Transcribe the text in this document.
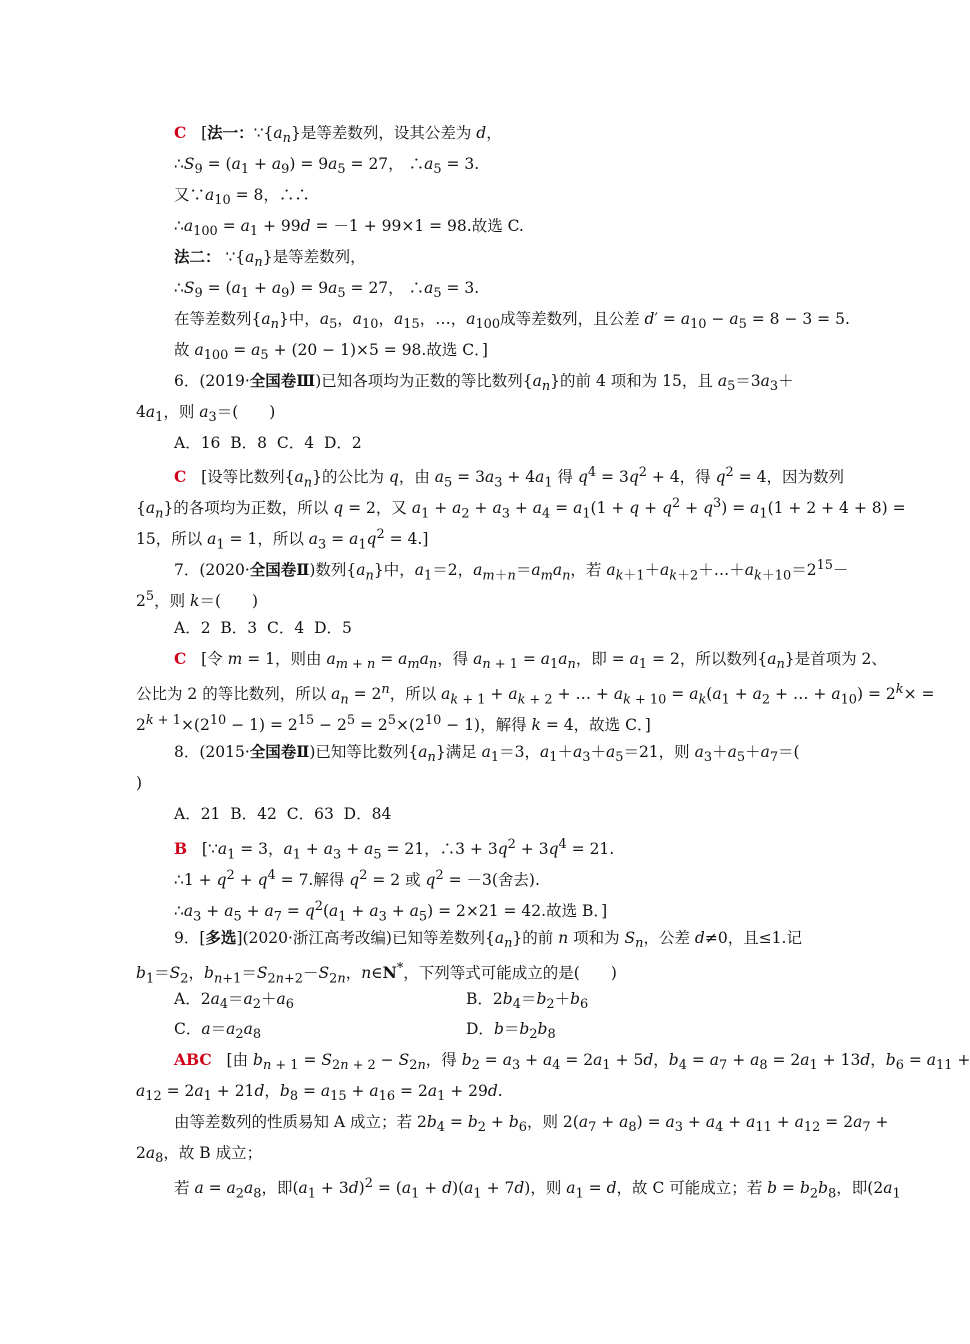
C   [法一：$\because\{a_n\}$是等差数列，设其公差为 d，
$\therefore S_9 = (a_1 + a_9) = 9a_5 = 27$， $\therefore a_5 = 3$.
又$\because a_{10} = 8$，∴∴
$\therefore a_{100} = a_1 + 99d = -1 + 99\times 1 = 98$.故选 C.
法二： $\because\{a_n\}$是等差数列，
$\therefore S_9 = (a_1 + a_9) = 9a_5 = 27$， $\therefore a_5 = 3$.
在等差数列$\{a_n\}$中，$a_5$，$a_{10}$，$a_{15}$，…，$a_{100}$成等差数列，且公差 $d' = a_{10} - a_5 = 8 - 3 = 5$.
故 $a_{100} = a_5 + (20 - 1)\times 5 = 98$.故选 C．]
6．(2019·全国卷Ⅲ)已知各项均为正数的等比数列$\{a_n\}$的前 4 项和为 15，且 $a_5=3a_3+$
$4a_1$，则 $a_3=$(　　)
A．16  B．8  C．4  D．2
C   [设等比数列$\{a_n\}$的公比为 q，由 $a_5 = 3a_3 + 4a_1$ 得 $q^4 = 3q^2 + 4$，得 $q^2 = 4$，因为数列
$\{a_n\}$的各项均为正数，所以 q = 2，又 $a_1 + a_2 + a_3 + a_4 = a_1(1 + q + q^2 + q^3) = a_1(1 + 2 + 4 + 8)$ =
15，所以 $a_1 = 1$，所以 $a_3 = a_1q^2 = 4$.]
7．(2020·全国卷Ⅱ)数列$\{a_n\}$中，$a_1=2$，$a_{m+n}=a_ma_n$，若 $a_{k+1}+a_{k+2}+\dots+a_{k+10}=2^{15}-$
$2^5$，则 k＝(　　)
A．2  B．3  C．4  D．5
C   [令 m = 1，则由 $a_{m + n} = a_ma_n$，得 $a_{n + 1} = a_1a_n$，即 = $a_1 = 2$，所以数列$\{a_n\}$是首项为 2、
公比为 2 的等比数列，所以 $a_n = 2^n$，所以 $a_{k + 1} + a_{k + 2}$ + … + $a_{k + 10} = a_k(a_1 + a_2$ + … + $a_{10}) = 2^k\times$ =
$2^{k + 1}\times(2^{10} - 1) = 2^{15} - 2^5 = 2^5\times(2^{10} - 1)$，解得 k = 4，故选 C．]
8．(2015·全国卷Ⅱ)已知等比数列$\{a_n\}$满足 $a_1=3$，$a_1+a_3+a_5=21$，则 $a_3+a_5+a_7=$(
)
A．21  B．42  C．63  D．84
B   [$\because a_1 = 3$，$a_1 + a_3 + a_5 = 21$，∴3 + $3q^2 + 3q^4 = 21$.
∴1 + $q^2 + q^4 = 7$.解得 $q^2 = 2$ 或 $q^2 = -3$(舍去).
$\therefore a_3 + a_5 + a_7 = q^2(a_1 + a_3 + a_5) = 2\times 21 = 42$.故选 B．]
9．[多选](2020·浙江高考改编)已知等差数列$\{a_n\}$的前 n 项和为 $S_n$，公差 d≠0，且≤1.记
$b_1=S_2$，$b_{n+1}=S_{2n+2}-S_{2n}$，n∈N*，下列等式可能成立的是(　　)
ABC   [由 $b_{n + 1} = S_{2n + 2} - S_{2n}$，得 $b_2 = a_3 + a_4 = 2a_1 + 5d$，$b_4 = a_7 + a_8 = 2a_1 + 13d$，$b_6 = a_{11}$ +
$a_{12} = 2a_1 + 21d$，$b_8 = a_{15} + a_{16} = 2a_1 + 29d$.
由等差数列的性质易知 A 成立；若 $2b_4 = b_2 + b_6$，则 $2(a_7 + a_8) = a_3 + a_4 + a_{11} + a_{12} = 2a_7$ +
$2a_8$，故 B 成立；
若 $a = a_2a_8$，即$(a_1 + 3d)^2 = (a_1 + d)(a_1 + 7d)$，则 $a_1 = d$，故 C 可能成立；若 $b = b_2b_8$，即($2a_1$
A．$2a_4=a_2+a_6$	B．$2b_4=b_2+b_6$
C．$a=a_2a_8$	D．$b=b_2b_8$
